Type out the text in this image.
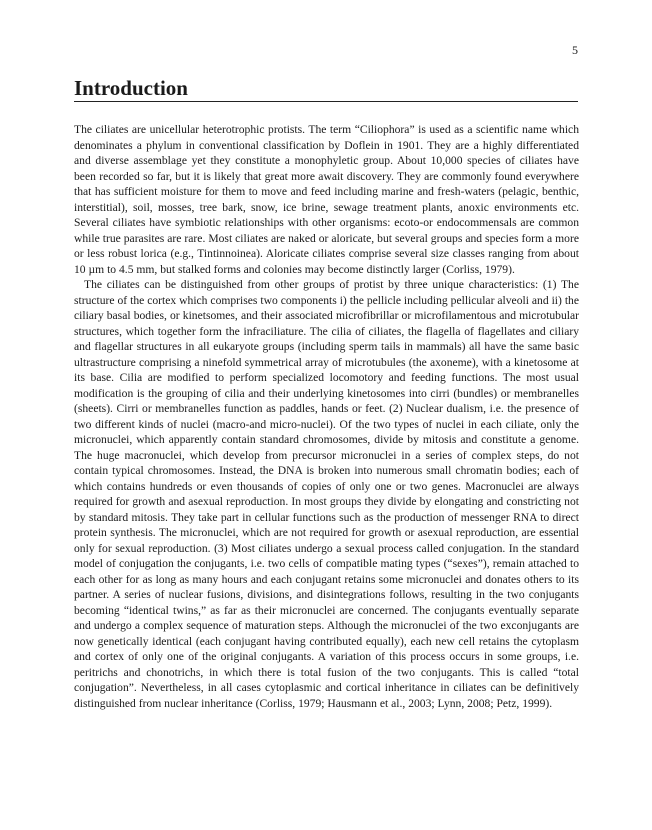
5
Introduction

The ciliates are unicellular heterotrophic protists. The term “Ciliophora” is used as a scientific name which denominates a phylum in conventional classification by Doflein in 1901. They are a highly differentiated and diverse assemblage yet they constitute a monophyletic group. About 10,000 species of ciliates have been recorded so far, but it is likely that great more await discovery. They are commonly found everywhere that has sufficient moisture for them to move and feed including marine and fresh-waters (pelagic, benthic, interstitial), soil, mosses, tree bark, snow, ice brine, sewage treatment plants, anoxic environments etc. Several ciliates have symbiotic relationships with other organisms: ecoto-or endocommensals are common while true parasites are rare. Most ciliates are naked or aloricate, but several groups and species form a more or less robust lorica (e.g., Tintinnoinea). Aloricate ciliates comprise several size classes ranging from about 10 µm to 4.5 mm, but stalked forms and colonies may become distinctly larger (Corliss, 1979).

The ciliates can be distinguished from other groups of protist by three unique characteristics: (1) The structure of the cortex which comprises two components i) the pellicle including pellicular alveoli and ii) the ciliary basal bodies, or kinetsomes, and their associated microfibrillar or microfilamentous and microtubular structures, which together form the infraciliature. The cilia of ciliates, the flagella of flagellates and ciliary and flagellar structures in all eukaryote groups (including sperm tails in mammals) all have the same basic ultrastructure comprising a ninefold symmetrical array of microtubules (the axoneme), with a kinetosome at its base. Cilia are modified to perform specialized locomotory and feeding functions. The most usual modification is the grouping of cilia and their underlying kinetosomes into cirri (bundles) or membranelles (sheets). Cirri or membranelles function as paddles, hands or feet. (2) Nuclear dualism, i.e. the presence of two different kinds of nuclei (macro-and micro-nuclei). Of the two types of nuclei in each ciliate, only the micronuclei, which apparently contain standard chromosomes, divide by mitosis and constitute a genome. The huge macronuclei, which develop from precursor micronuclei in a series of complex steps, do not contain typical chromosomes. Instead, the DNA is broken into numerous small chromatin bodies; each of which contains hundreds or even thousands of copies of only one or two genes. Macronuclei are always required for growth and asexual reproduction. In most groups they divide by elongating and constricting not by standard mitosis. They take part in cellular functions such as the production of messenger RNA to direct protein synthesis. The micronuclei, which are not required for growth or asexual reproduction, are essential only for sexual reproduction. (3) Most ciliates undergo a sexual process called conjugation. In the standard model of conjugation the conjugants, i.e. two cells of compatible mating types (“sexes”), remain attached to each other for as long as many hours and each conjugant retains some micronuclei and donates others to its partner. A series of nuclear fusions, divisions, and disintegrations follows, resulting in the two conjugants becoming “identical twins,” as far as their micronuclei are concerned. The conjugants eventually separate and undergo a complex sequence of maturation steps. Although the micronuclei of the two exconjugants are now genetically identical (each conjugant having contributed equally), each new cell retains the cytoplasm and cortex of only one of the original conjugants. A variation of this process occurs in some groups, i.e. peritrichs and chonotrichs, in which there is total fusion of the two conjugants. This is called “total conjugation”. Nevertheless, in all cases cytoplasmic and cortical inheritance in ciliates can be definitively distinguished from nuclear inheritance (Corliss, 1979; Hausmann et al., 2003; Lynn, 2008; Petz, 1999).
